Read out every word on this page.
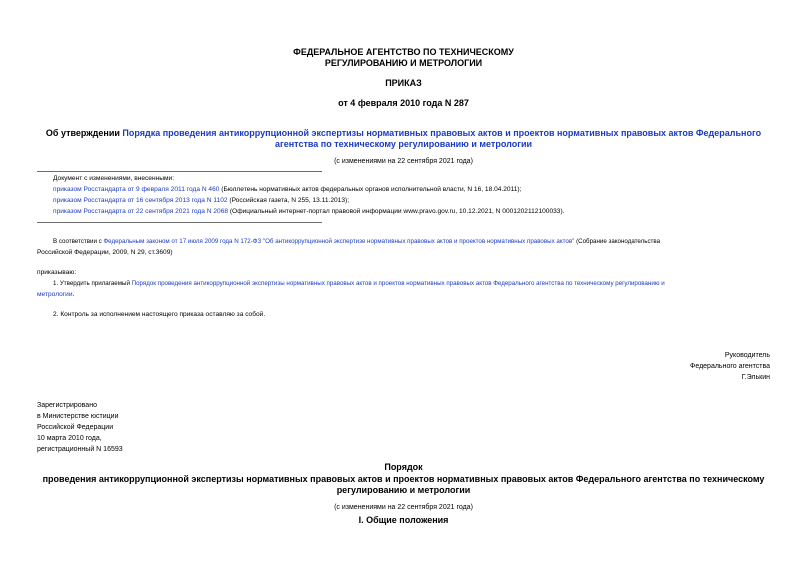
ФЕДЕРАЛЬНОЕ АГЕНТСТВО ПО ТЕХНИЧЕСКОМУ
РЕГУЛИРОВАНИЮ И МЕТРОЛОГИИ
ПРИКАЗ
от 4 февраля 2010 года N 287
Об утверждении Порядка проведения антикоррупционной экспертизы нормативных правовых актов и проектов нормативных правовых актов Федерального
агентства по техническому регулированию и метрологии
(с изменениями на 22 сентября 2021 года)
Документ с изменениями, внесенными:
приказом Росстандарта от 9 февраля 2011 года N 460 (Бюллетень нормативных актов федеральных органов исполнительной власти, N 16, 18.04.2011);
приказом Росстандарта от 16 сентября 2013 года N 1102 (Российская газета, N 255, 13.11.2013);
приказом Росстандарта от 22 сентября 2021 года N 2068 (Официальный интернет-портал правовой информации www.pravo.gov.ru, 10.12.2021, N 0001202112100033).
В соответствии с Федеральным законом от 17 июля 2009 года N 172-ФЗ "Об антикоррупционной экспертизе нормативных правовых актов и проектов нормативных правовых актов" (Собрание законодательства
Российской Федерации, 2009, N 29, ст.3609)
приказываю:
1. Утвердить прилагаемый Порядок проведения антикоррупционной экспертизы нормативных правовых актов и проектов нормативных правовых актов Федерального агентства по техническому регулированию и
метрологии.
2. Контроль за исполнением настоящего приказа оставляю за собой.
Руководитель
Федерального агентства
Г.Элькин
Зарегистрировано
в Министерстве юстиции
Российской Федерации
10 марта 2010 года,
регистрационный N 16593
Порядок
проведения антикоррупционной экспертизы нормативных правовых актов и проектов нормативных правовых актов Федерального агентства по техническому
регулированию и метрологии
(с изменениями на 22 сентября 2021 года)
I. Общие положения
